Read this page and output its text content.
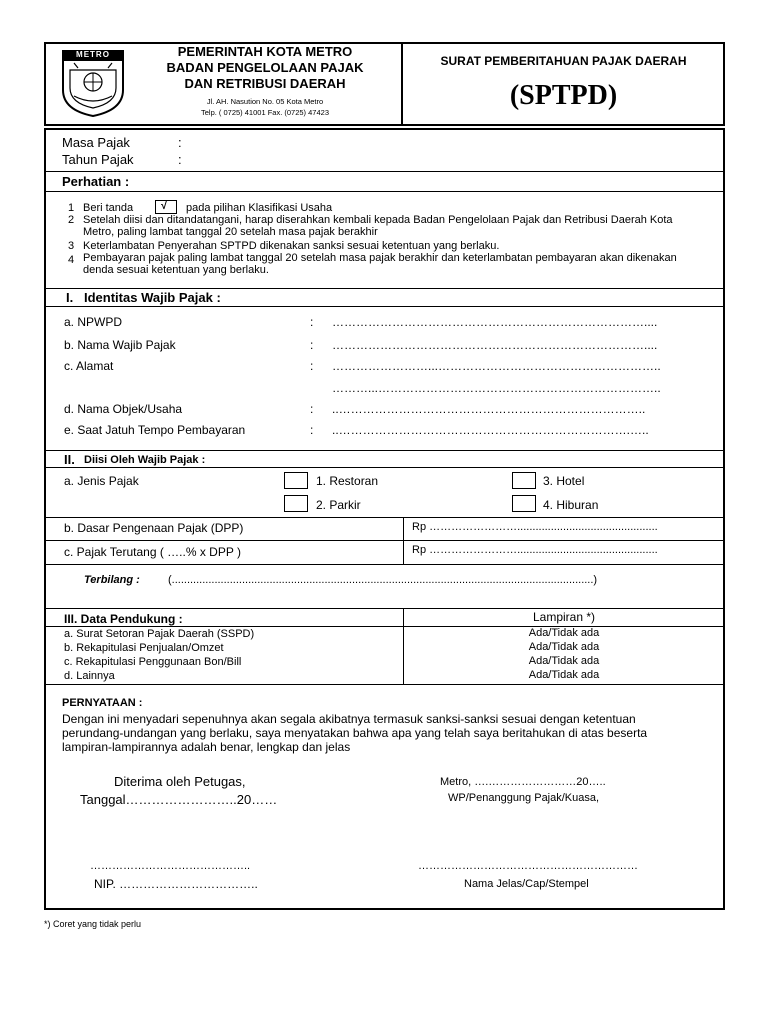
METRO	PEMERINTAH KOTA METRO
BADAN PENGELOLAAN PAJAK
DAN RETRIBUSI DAERAH
Jl. AH. Nasution No. 05 Kota Metro
Telp. ( 0725) 41001 Fax. (0725) 47423
SURAT PEMBERITAHUAN PAJAK DAERAH
(SPTPD)
Masa Pajak	:
Tahun Pajak	:
Perhatian :
1 Beri tanda	√ pada pilihan Klasifikasi Usaha
2 Setelah diisi dan ditandatangani, harap diserahkan kembali kepada Badan Pengelolaan Pajak dan Retribusi Daerah Kota
Metro, paling lambat tanggal 20 setelah masa pajak berakhir
3 Keterlambatan Penyerahan SPTPD dikenakan sanksi sesuai ketentuan yang berlaku.
4 Pembayaran pajak paling lambat tanggal 20 setelah masa pajak berakhir dan keterlambatan pembayaran akan dikenakan
denda sesuai ketentuan yang berlaku.
I. Identitas Wajib Pajak :
a. NPWPD	: ……………………………………………………………………....
b. Nama Wajib Pajak	: ……………………………………………………………………....
c. Alamat	: ……………………...………………………………………………..
………...……………………………………………………………..
d. Nama Objek/Usaha	: ..…………………………………………………………………..
e. Saat Jatuh Tempo Pembayaran	: ..……………………………………………………………….…..
II. Diisi Oleh Wajib Pajak :
a. Jenis Pajak	1. Restoran	3. Hotel
2. Parkir	4. Hiburan
b. Dasar Pengenaan Pajak (DPP)	Rp ……………………..............................................
c. Pajak Terutang ( …..% x DPP )	Rp ……………………..............................................
Terbilang :	(..........................................................................................................................................)
III. Data Pendukung :	Lampiran *)
a. Surat Setoran Pajak Daerah (SSPD)	Ada/Tidak ada
b. Rekapitulasi Penjualan/Omzet	Ada/Tidak ada
c. Rekapitulasi Penggunaan Bon/Bill	Ada/Tidak ada
d. Lainnya	Ada/Tidak ada
PERNYATAAN :
Dengan ini menyadari sepenuhnya akan segala akibatnya termasuk sanksi-sanksi sesuai dengan ketentuan
perundang-undangan yang berlaku, saya menyatakan bahwa apa yang telah saya beritahukan di atas beserta
lampiran-lampirannya adalah benar, lengkap dan jelas
Diterima oleh Petugas,
Tanggal……………………..20……
Metro, ….……………………20…..
WP/Penanggung Pajak/Kuasa,
……………………………………..
NIP. ……………………………..
……………………………………………………
Nama Jelas/Cap/Stempel
*) Coret yang tidak perlu
